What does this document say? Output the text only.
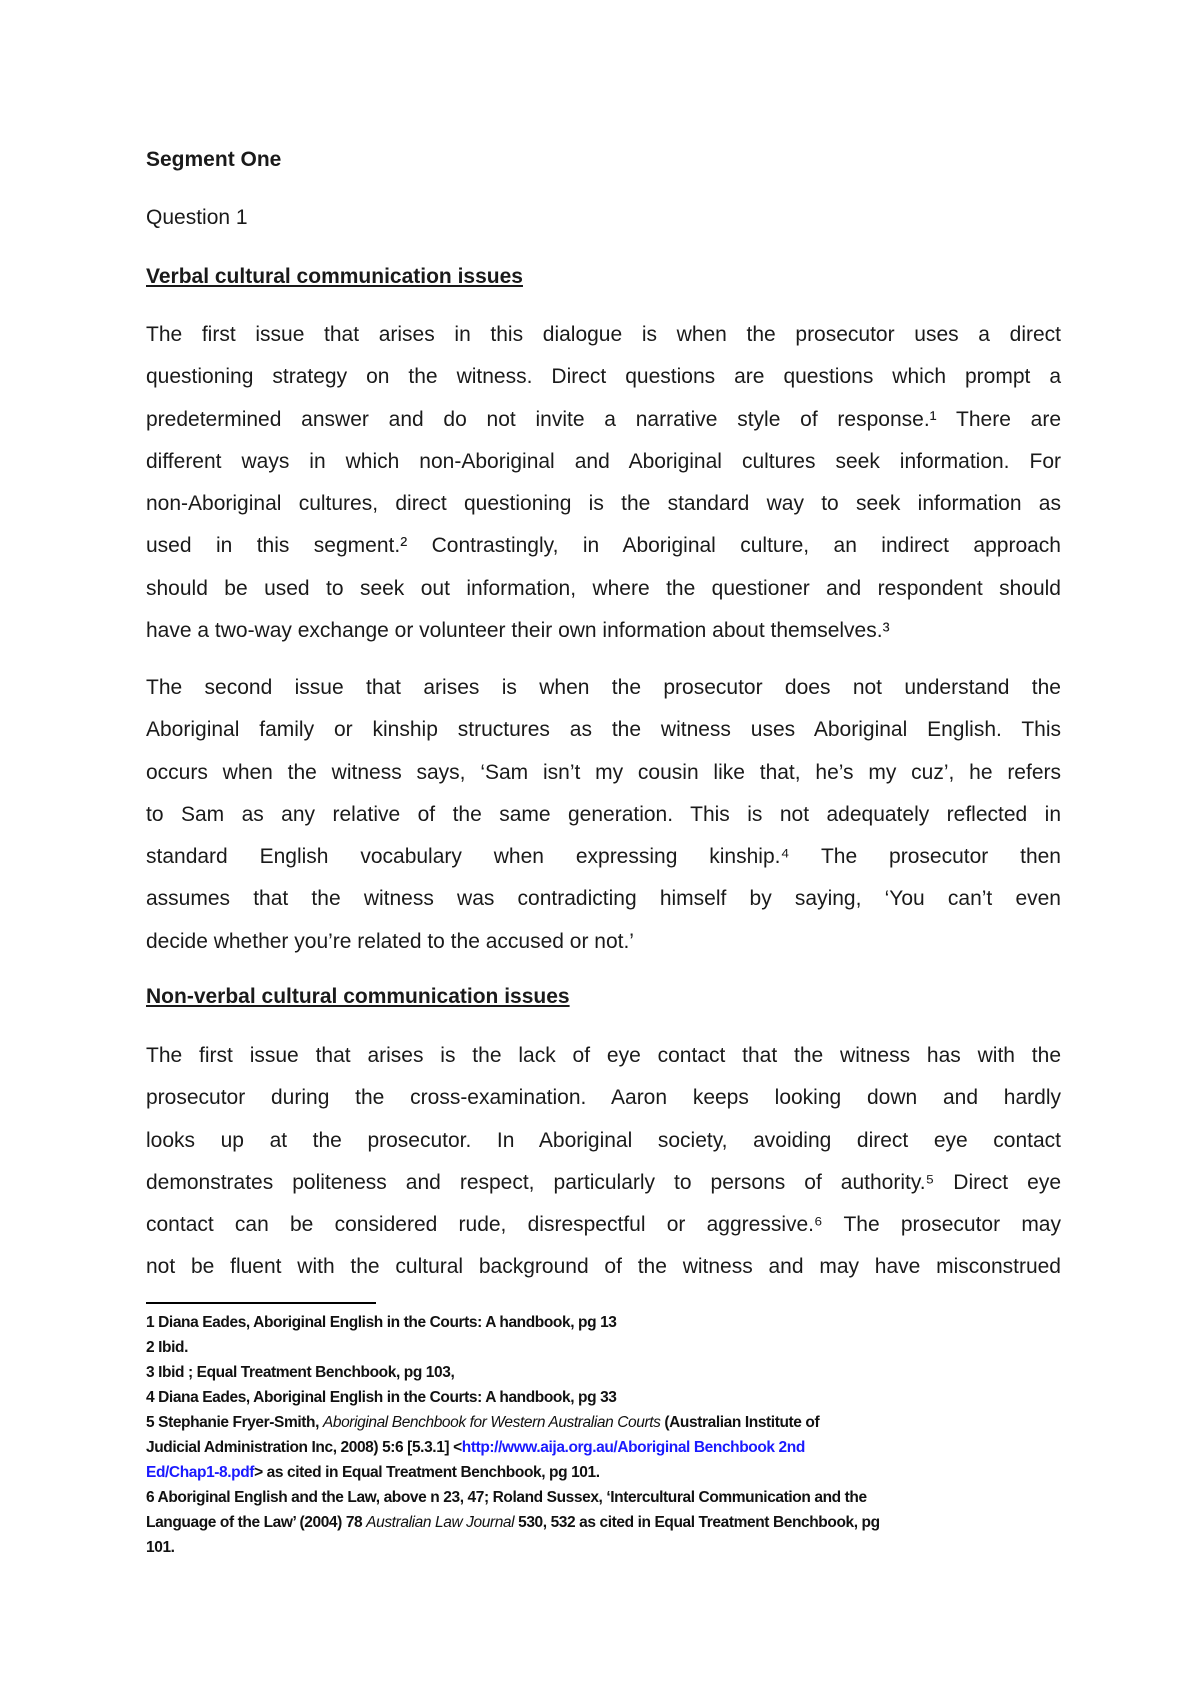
Segment One
Question 1
Verbal cultural communication issues
The first issue that arises in this dialogue is when the prosecutor uses a direct
questioning strategy on the witness. Direct questions are questions which prompt a
predetermined answer and do not invite a narrative style of response.¹ There are
different ways in which non-Aboriginal and Aboriginal cultures seek information. For
non-Aboriginal cultures, direct questioning is the standard way to seek information as
used in this segment.² Contrastingly, in Aboriginal culture, an indirect approach
should be used to seek out information, where the questioner and respondent should
have a two-way exchange or volunteer their own information about themselves.³
The second issue that arises is when the prosecutor does not understand the
Aboriginal family or kinship structures as the witness uses Aboriginal English. This
occurs when the witness says, ‘Sam isn’t my cousin like that, he’s my cuz’, he refers
to Sam as any relative of the same generation. This is not adequately reflected in
standard English vocabulary when expressing kinship.⁴ The prosecutor then
assumes that the witness was contradicting himself by saying, ‘You can’t even
decide whether you’re related to the accused or not.’
Non-verbal cultural communication issues
The first issue that arises is the lack of eye contact that the witness has with the
prosecutor during the cross-examination. Aaron keeps looking down and hardly
looks up at the prosecutor. In Aboriginal society, avoiding direct eye contact
demonstrates politeness and respect, particularly to persons of authority.⁵ Direct eye
contact can be considered rude, disrespectful or aggressive.⁶ The prosecutor may
not be fluent with the cultural background of the witness and may have misconstrued
1 Diana Eades, Aboriginal English in the Courts: A handbook, pg 13
2 Ibid.
3 Ibid ; Equal Treatment Benchbook, pg 103,
4 Diana Eades, Aboriginal English in the Courts: A handbook, pg 33
5 Stephanie Fryer-Smith, Aboriginal Benchbook for Western Australian Courts (Australian Institute of
Judicial Administration Inc, 2008) 5:6 [5.3.1] <http://www.aija.org.au/Aboriginal Benchbook 2nd
Ed/Chap1-8.pdf> as cited in Equal Treatment Benchbook, pg 101.
6 Aboriginal English and the Law, above n 23, 47; Roland Sussex, ‘Intercultural Communication and the
Language of the Law’ (2004) 78 Australian Law Journal 530, 532 as cited in Equal Treatment Benchbook, pg
101.
